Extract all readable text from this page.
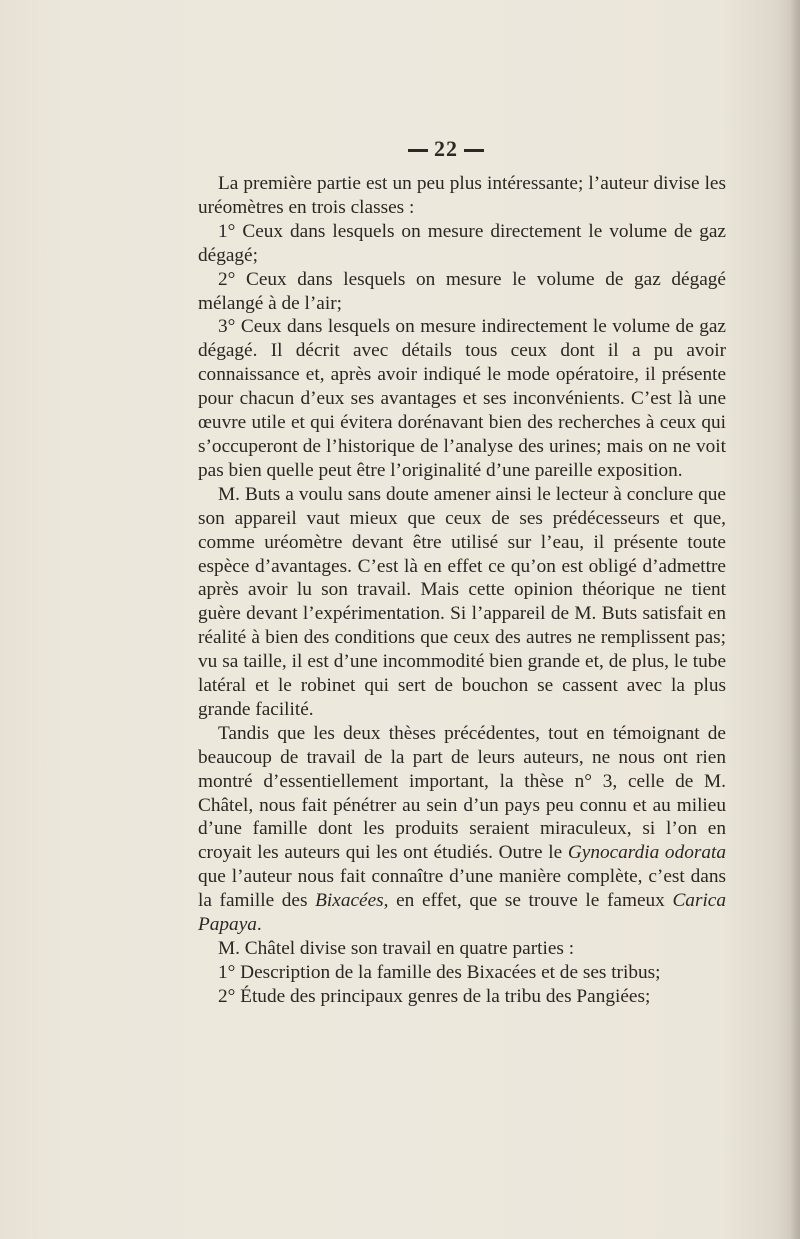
22

La première partie est un peu plus intéressante; l’auteur divise les uréomètres en trois classes :

1° Ceux dans lesquels on mesure directement le volume de gaz dégagé;

2° Ceux dans lesquels on mesure le volume de gaz dégagé mélangé à de l’air;

3° Ceux dans lesquels on mesure indirectement le volume de gaz dégagé. Il décrit avec détails tous ceux dont il a pu avoir connaissance et, après avoir indiqué le mode opératoire, il présente pour chacun d’eux ses avantages et ses inconvénients. C’est là une œuvre utile et qui évitera dorénavant bien des recherches à ceux qui s’occuperont de l’historique de l’analyse des urines; mais on ne voit pas bien quelle peut être l’originalité d’une pareille exposition.

M. Buts a voulu sans doute amener ainsi le lecteur à conclure que son appareil vaut mieux que ceux de ses prédécesseurs et que, comme uréomètre devant être utilisé sur l’eau, il présente toute espèce d’avantages. C’est là en effet ce qu’on est obligé d’admettre après avoir lu son travail. Mais cette opinion théorique ne tient guère devant l’expérimentation. Si l’appareil de M. Buts satisfait en réalité à bien des conditions que ceux des autres ne remplissent pas; vu sa taille, il est d’une incommodité bien grande et, de plus, le tube latéral et le robinet qui sert de bouchon se cassent avec la plus grande facilité.

Tandis que les deux thèses précédentes, tout en témoignant de beaucoup de travail de la part de leurs auteurs, ne nous ont rien montré d’essentiellement important, la thèse n° 3, celle de M. Châtel, nous fait pénétrer au sein d’un pays peu connu et au milieu d’une famille dont les produits seraient miraculeux, si l’on en croyait les auteurs qui les ont étudiés. Outre le Gynocardia odorata que l’auteur nous fait connaître d’une manière complète, c’est dans la famille des Bixacées, en effet, que se trouve le fameux Carica Papaya.

M. Châtel divise son travail en quatre parties :

1° Description de la famille des Bixacées et de ses tribus;

2° Étude des principaux genres de la tribu des Pangiées;
